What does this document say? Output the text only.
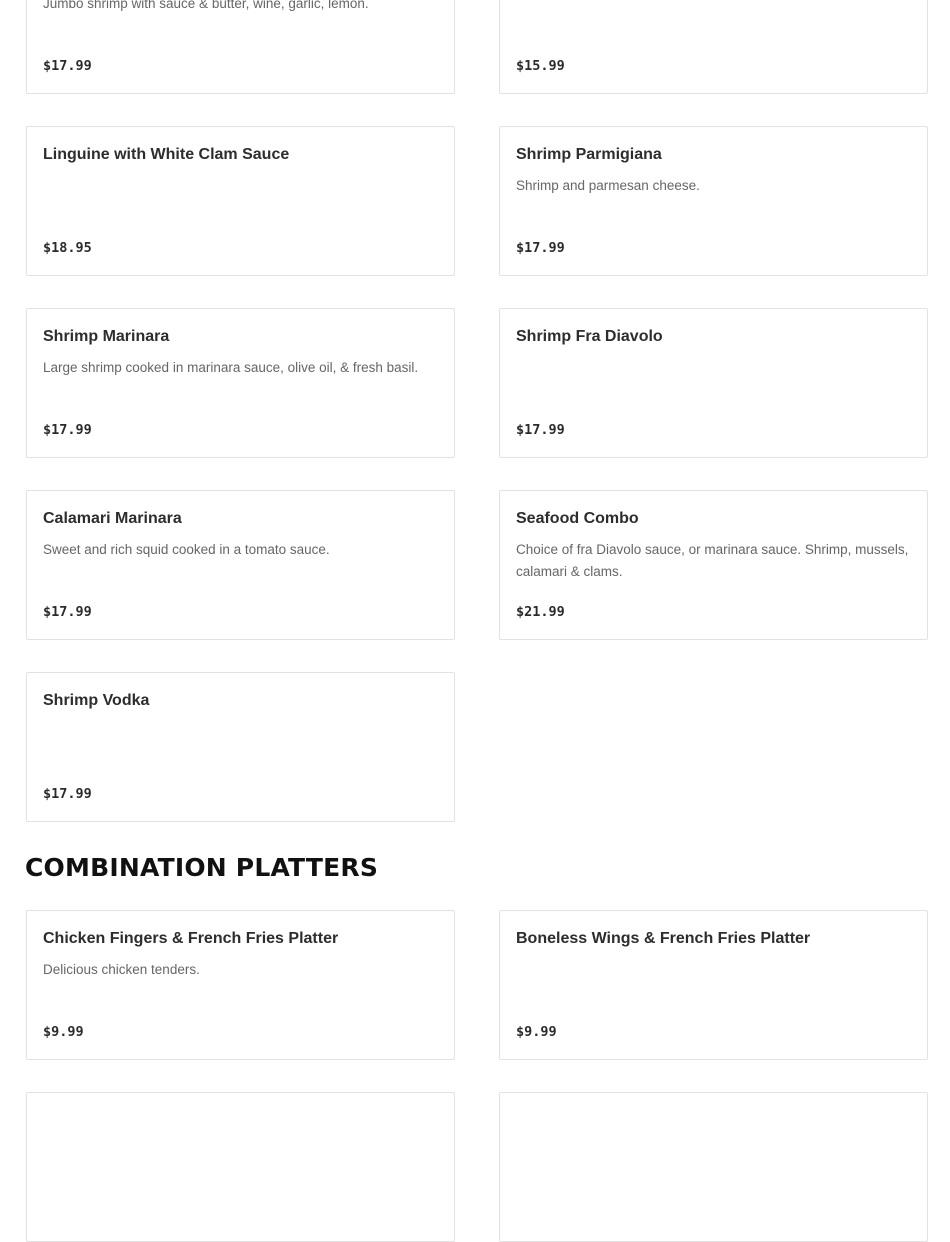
Jumbo shrimp with sauce & butter, wine, garlic, lemon.
$17.99	$15.99
Linguine with White Clam Sauce
$18.95
Shrimp Parmigiana
Shrimp and parmesan cheese.
$17.99
Shrimp Marinara
Large shrimp cooked in marinara sauce, olive oil, & fresh basil.
$17.99
Shrimp Fra Diavolo
$17.99
Calamari Marinara
Sweet and rich squid cooked in a tomato sauce.
$17.99
Seafood Combo
Choice of fra Diavolo sauce, or marinara sauce. Shrimp, mussels, calamari & clams.
$21.99
Shrimp Vodka
$17.99
COMBINATION PLATTERS
Chicken Fingers & French Fries Platter
Delicious chicken tenders.
$9.99
Boneless Wings & French Fries Platter
$9.99
